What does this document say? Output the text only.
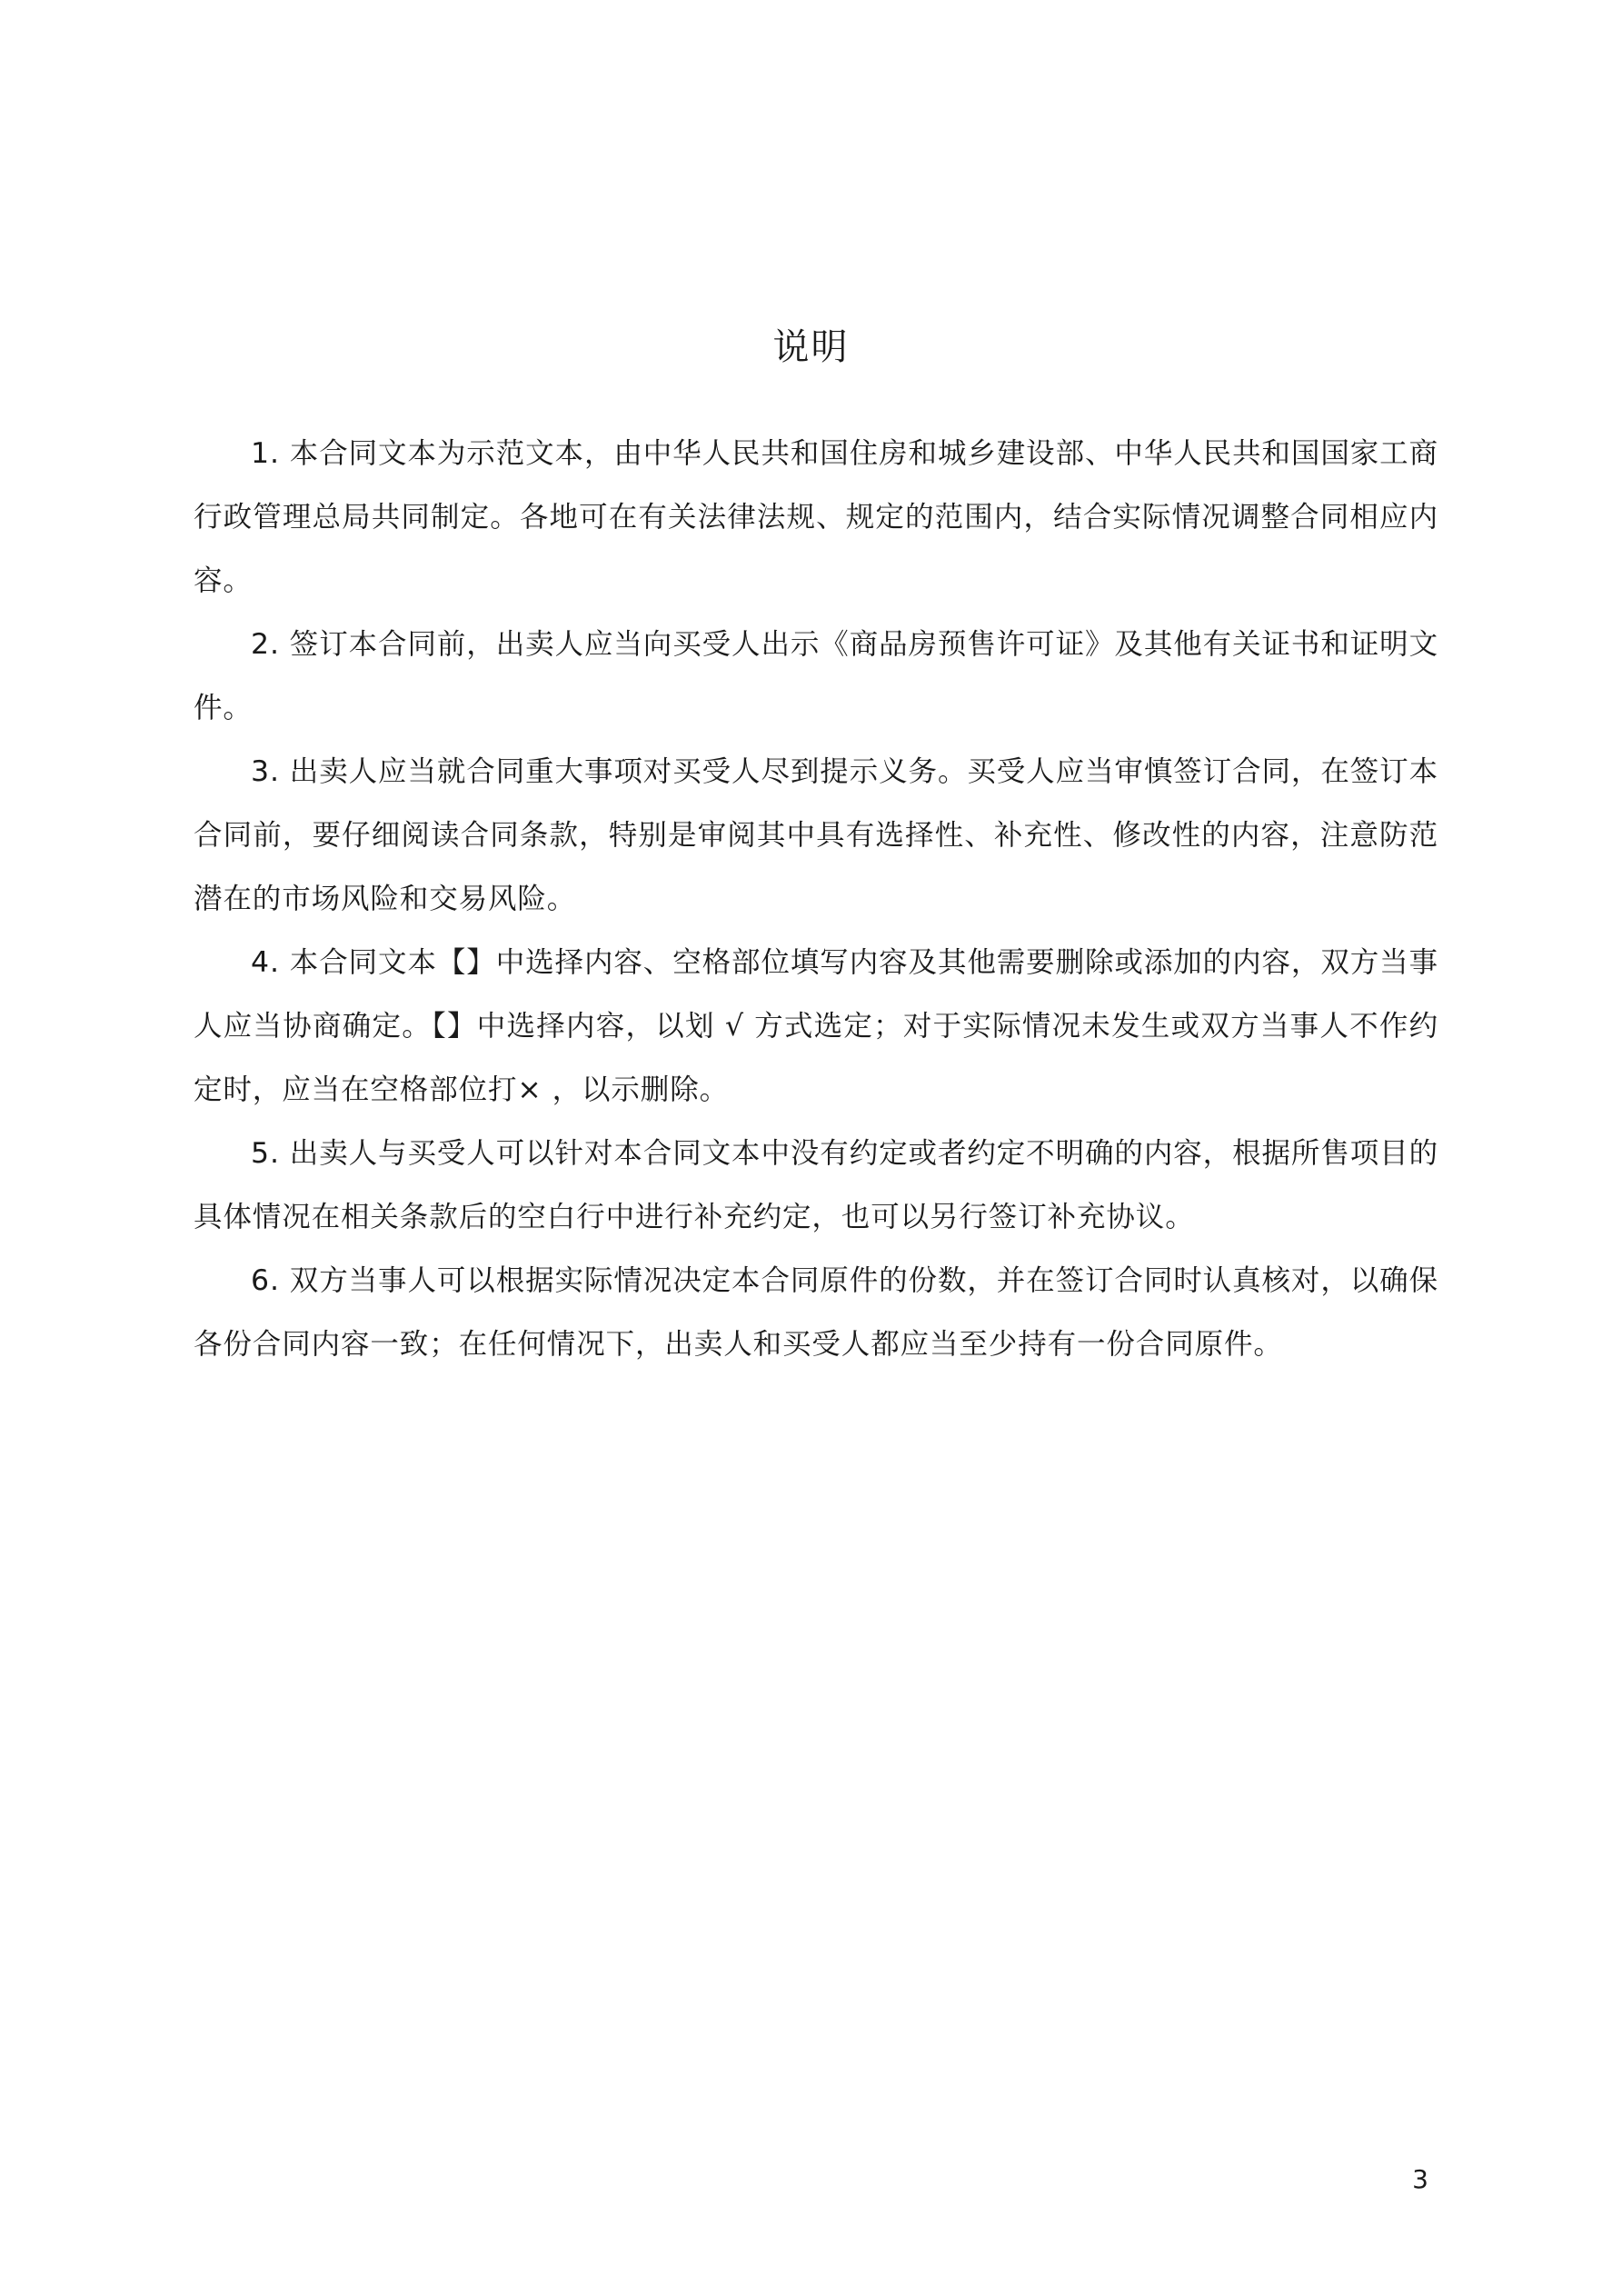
说明

1. 本合同文本为示范文本，由中华人民共和国住房和城乡建设部、中华人民共和国国家工商行政管理总局共同制定。各地可在有关法律法规、规定的范围内，结合实际情况调整合同相应内容。

2. 签订本合同前，出卖人应当向买受人出示《商品房预售许可证》及其他有关证书和证明文件。

3. 出卖人应当就合同重大事项对买受人尽到提示义务。买受人应当审慎签订合同，在签订本合同前，要仔细阅读合同条款，特别是审阅其中具有选择性、补充性、修改性的内容，注意防范潜在的市场风险和交易风险。

4. 本合同文本【】中选择内容、空格部位填写内容及其他需要删除或添加的内容，双方当事人应当协商确定。【】中选择内容，以划 √ 方式选定；对于实际情况未发生或双方当事人不作约定时，应当在空格部位打× ，以示删除。

5. 出卖人与买受人可以针对本合同文本中没有约定或者约定不明确的内容，根据所售项目的具体情况在相关条款后的空白行中进行补充约定，也可以另行签订补充协议。

6. 双方当事人可以根据实际情况决定本合同原件的份数，并在签订合同时认真核对，以确保各份合同内容一致；在任何情况下，出卖人和买受人都应当至少持有一份合同原件。

3
